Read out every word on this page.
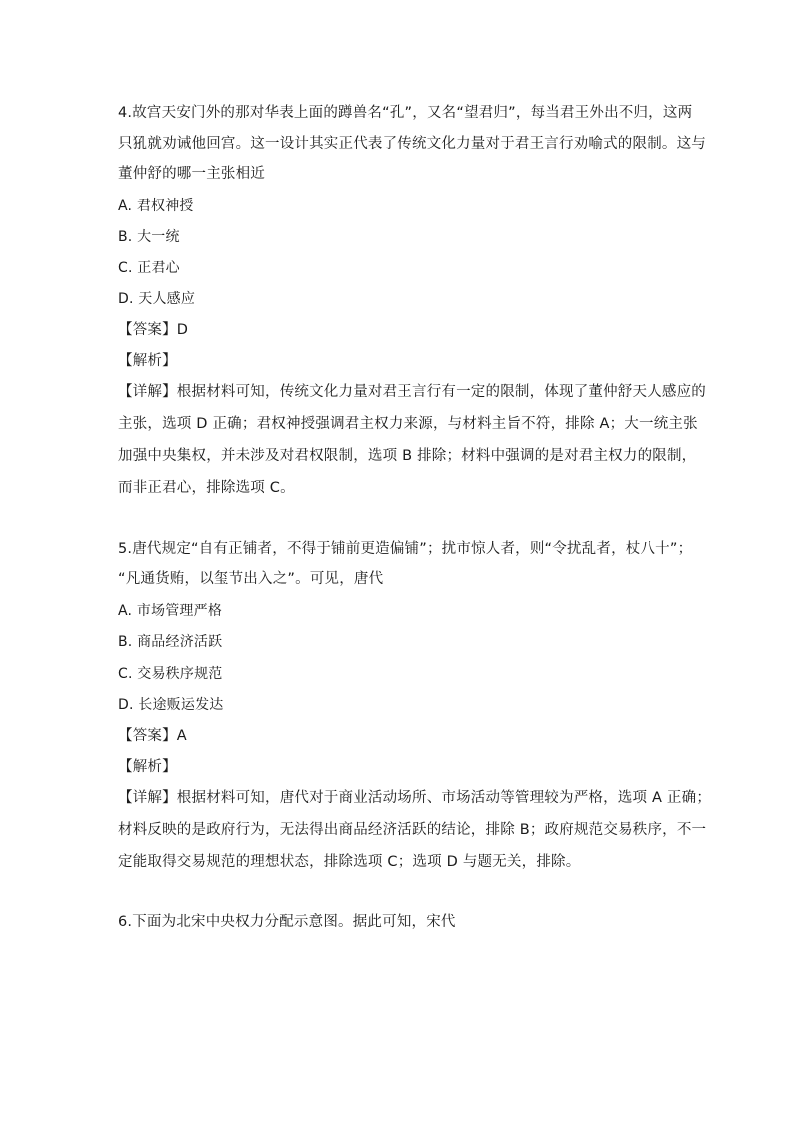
4.故宫天安门外的那对华表上面的蹲兽名“孔”，又名“望君归”，每当君王外出不归，这两
只犼就劝诫他回宫。这一设计其实正代表了传统文化力量对于君王言行劝喻式的限制。这与
董仲舒的哪一主张相近
A. 君权神授
B. 大一统
C. 正君心
D. 天人感应
【答案】D
【解析】
【详解】根据材料可知，传统文化力量对君王言行有一定的限制，体现了董仲舒天人感应的
主张，选项 D 正确；君权神授强调君主权力来源，与材料主旨不符，排除 A；大一统主张
加强中央集权，并未涉及对君权限制，选项 B 排除；材料中强调的是对君主权力的限制，
而非正君心，排除选项 C。
5.唐代规定“自有正铺者，不得于铺前更造偏铺”；扰市惊人者，则“令扰乱者，杖八十”；
“凡通货贿，以玺节出入之”。可见，唐代
A. 市场管理严格
B. 商品经济活跃
C. 交易秩序规范
D. 长途贩运发达
【答案】A
【解析】
【详解】根据材料可知，唐代对于商业活动场所、市场活动等管理较为严格，选项 A 正确；
材料反映的是政府行为，无法得出商品经济活跃的结论，排除 B；政府规范交易秩序，不一
定能取得交易规范的理想状态，排除选项 C；选项 D 与题无关，排除。
6.下面为北宋中央权力分配示意图。据此可知，宋代
